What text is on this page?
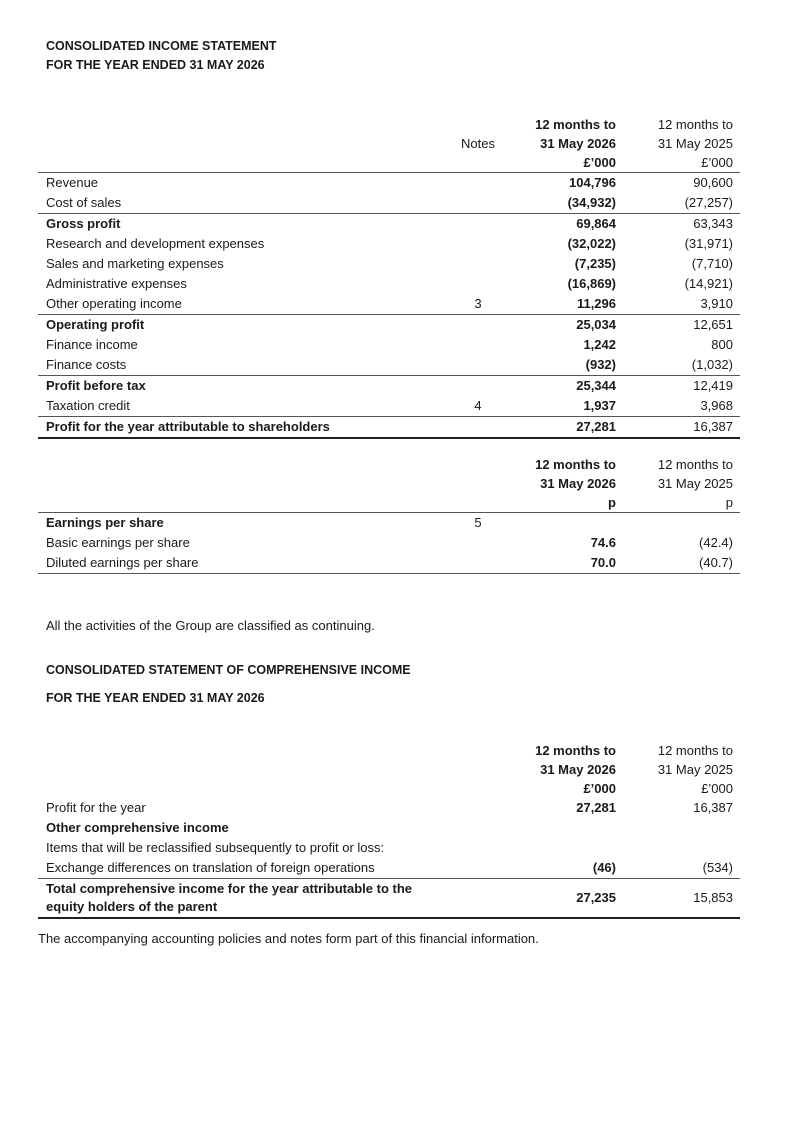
CONSOLIDATED INCOME STATEMENT
FOR THE YEAR ENDED 31 MAY 2026

		12 months to 12 months to

	Notes	31 May 2026 31 May 2025

		£’000 £’000

Revenue		104,796 90,600

Cost of sales		(34,932) (27,257)

Gross profit		69,864 63,343

Research and development expenses		(32,022) (31,971)

Sales and marketing expenses		(7,235) (7,710)

Administrative expenses		(16,869) (14,921)

Other operating income	3	11,296 3,910

Operating profit		25,034 12,651

Finance income		1,242 800

Finance costs		(932) (1,032)

Profit before tax		25,344 12,419

Taxation credit	4	1,937 3,968

Profit for the year attributable to shareholders		27,281 16,387

		12 months to 12 months to

		31 May 2026 31 May 2025

		p p

Earnings per share	5	

Basic earnings per share		74.6 (42.4)

Diluted earnings per share		70.0 (40.7)
All the activities of the Group are classified as continuing.
CONSOLIDATED STATEMENT OF COMPREHENSIVE INCOME
FOR THE YEAR ENDED 31 MAY 2026

		12 months to 12 months to

		31 May 2026 31 May 2025

		£’000 £’000

Profit for the year		27,281 16,387

Other comprehensive income		

Items that will be reclassified subsequently to profit or loss:		

Exchange differences on translation of foreign operations		(46) (534)

Total comprehensive income for the year attributable to the equity holders of the parent		27,235 15,853
The accompanying accounting policies and notes form part of this financial information.
